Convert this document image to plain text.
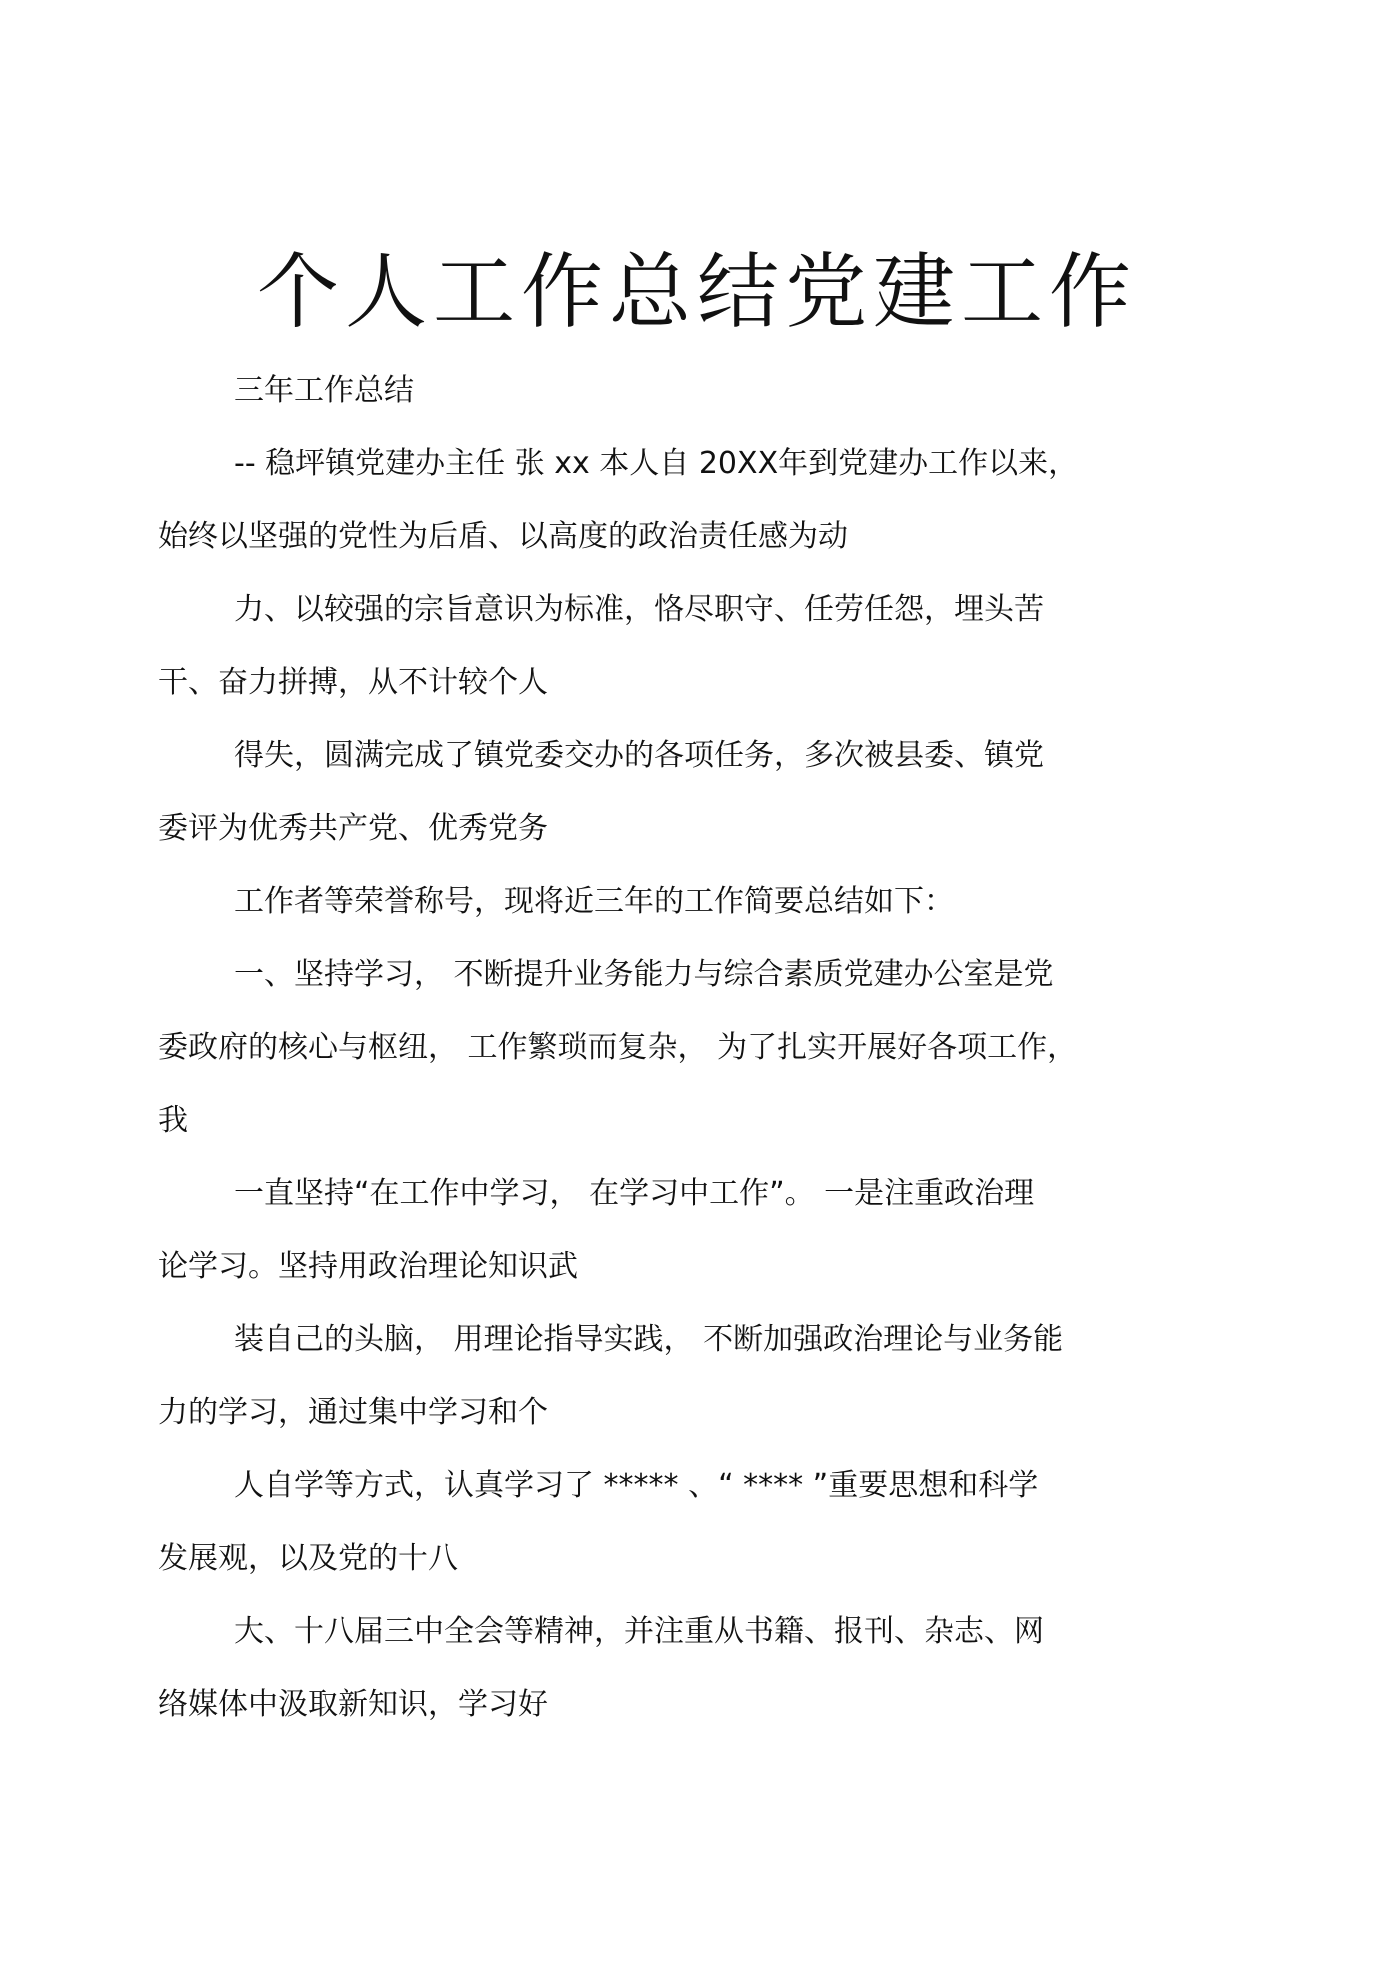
个人工作总结党建工作
三年工作总结
-- 稳坪镇党建办主任 张 xx 本人自 20XX年到党建办工作以来，
始终以坚强的党性为后盾、以高度的政治责任感为动
力、以较强的宗旨意识为标准，恪尽职守、任劳任怨，埋头苦
干、奋力拼搏，从不计较个人
得失，圆满完成了镇党委交办的各项任务，多次被县委、镇党
委评为优秀共产党、优秀党务
工作者等荣誉称号，现将近三年的工作简要总结如下：
一、坚持学习， 不断提升业务能力与综合素质党建办公室是党
委政府的核心与枢纽， 工作繁琐而复杂， 为了扎实开展好各项工作，
我
一直坚持“在工作中学习， 在学习中工作”。 一是注重政治理
论学习。坚持用政治理论知识武
装自己的头脑， 用理论指导实践， 不断加强政治理论与业务能
力的学习，通过集中学习和个
人自学等方式，认真学习了 ***** 、“ **** ”重要思想和科学
发展观，以及党的十八
大、十八届三中全会等精神，并注重从书籍、报刊、杂志、网
络媒体中汲取新知识，学习好
